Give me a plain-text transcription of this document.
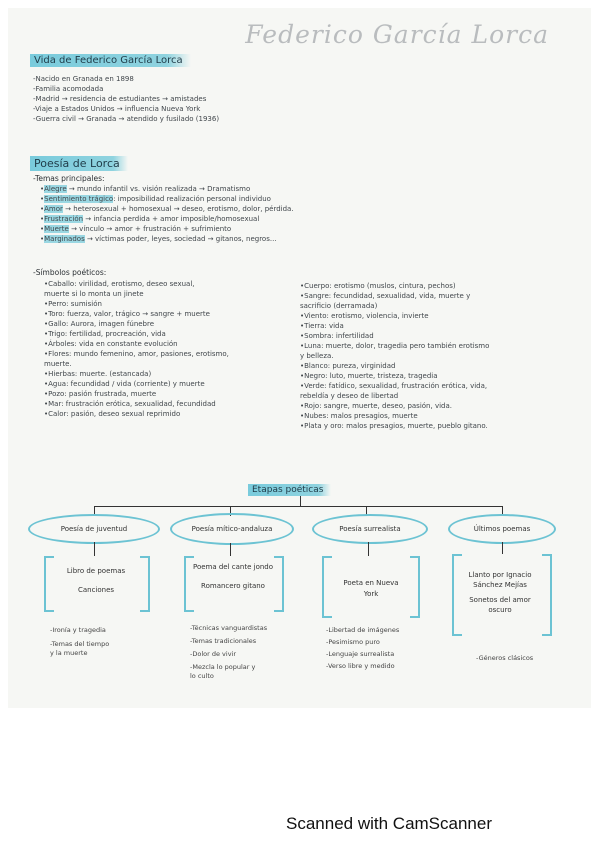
Federico García Lorca
Vida de Federico García Lorca
-Nacido en Granada en 1898
-Familia acomodada
-Madrid → residencia de estudiantes → amistades
-Viaje a Estados Unidos → influencia Nueva York
-Guerra civil → Granada → atendido y fusilado (1936)
Poesía de Lorca
-Temas principales:
•Alegre → mundo infantil vs. visión realizada → Dramatismo
•Sentimiento trágico: imposibilidad realización personal individuo
•Amor → heterosexual + homosexual → deseo, erotismo, dolor, pérdida.
•Frustración → infancia perdida + amor imposible/homosexual
•Muerte → vínculo → amor + frustración + sufrimiento
•Marginados → víctimas poder, leyes, sociedad → gitanos, negros...
-Símbolos poéticos:
•Caballo: virilidad, erotismo, deseo sexual,
muerte si lo monta un jinete
•Perro: sumisión
•Toro: fuerza, valor, trágico → sangre + muerte
•Gallo: Aurora, imagen fúnebre
•Trigo: fertilidad, procreación, vida
•Árboles: vida en constante evolución
•Flores: mundo femenino, amor, pasiones, erotismo,
muerte.
•Hierbas: muerte. (estancada)
•Agua: fecundidad / vida (corriente) y muerte
•Pozo: pasión frustrada, muerte
•Mar: frustración erótica, sexualidad, fecundidad
•Calor: pasión, deseo sexual reprimido
•Cuerpo: erotismo (muslos, cintura, pechos)
•Sangre: fecundidad, sexualidad, vida, muerte y
sacrificio (derramada)
•Viento: erotismo, violencia, invierte
•Tierra: vida
•Sombra: infertilidad
•Luna: muerte, dolor, tragedia pero también erotismo
y belleza.
•Blanco: pureza, virginidad
•Negro: luto, muerte, tristeza, tragedia
•Verde: fatídico, sexualidad, frustración erótica, vida,
rebeldía y deseo de libertad
•Rojo: sangre, muerte, deseo, pasión, vida.
•Nubes: malos presagios, muerte
•Plata y oro: malos presagios, muerte, pueblo gitano.
Etapas poéticas
Poesía de juventud
Libro de poemas
Canciones
-Ironía y tragedia
-Temas del tiempo
y la muerte
Poesía mítico-andaluza
Poema del cante jondo
Romancero gitano
-Técnicas vanguardistas
-Temas tradicionales
-Dolor de vivir
-Mezcla lo popular y
lo culto
Poesía surrealista
Poeta en Nueva
York
-Libertad de imágenes
-Pesimismo puro
-Lenguaje surrealista
-Verso libre y medido
Últimos poemas
Llanto por Ignacio
Sánchez Mejías
Sonetos del amor
oscuro
-Géneros clásicos
Scanned with CamScanner
